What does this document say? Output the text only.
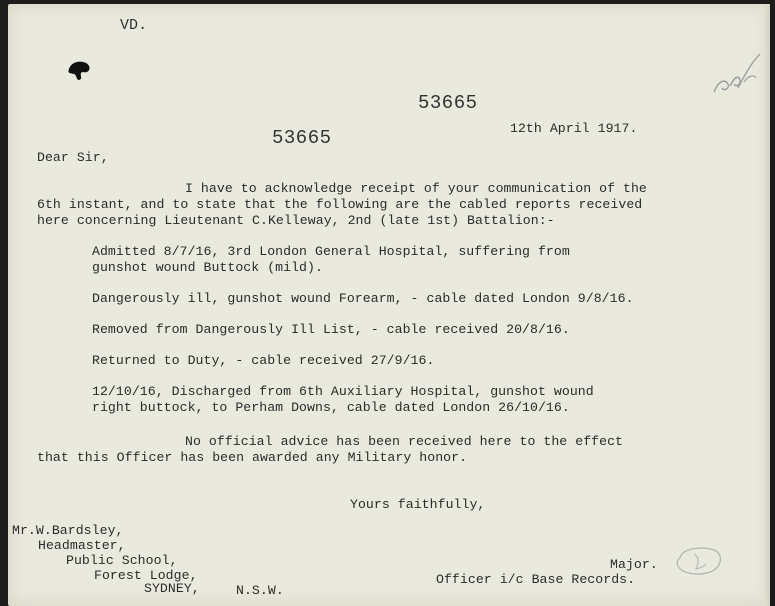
VD.
53665
53665	12th April 1917.
Dear Sir,
I have to acknowledge receipt of your communication of the
6th instant, and to state that the following are the cabled reports received
here concerning Lieutenant C.Kelleway, 2nd (late 1st) Battalion:-
Admitted 8/7/16, 3rd London General Hospital, suffering from
gunshot wound Buttock (mild).
Dangerously ill, gunshot wound Forearm, - cable dated London 9/8/16.
Removed from Dangerously Ill List, - cable received 20/8/16.
Returned to Duty, - cable received 27/9/16.
12/10/16, Discharged from 6th Auxiliary Hospital, gunshot wound
right buttock, to Perham Downs, cable dated London 26/10/16.
No official advice has been received here to the effect
that this Officer has been awarded any Military honor.
Yours faithfully,
Mr.W.Bardsley,
Headmaster,
Public School,
Forest Lodge,
SYDNEY,	N.S.W.
Major.
Officer i/c Base Records.
